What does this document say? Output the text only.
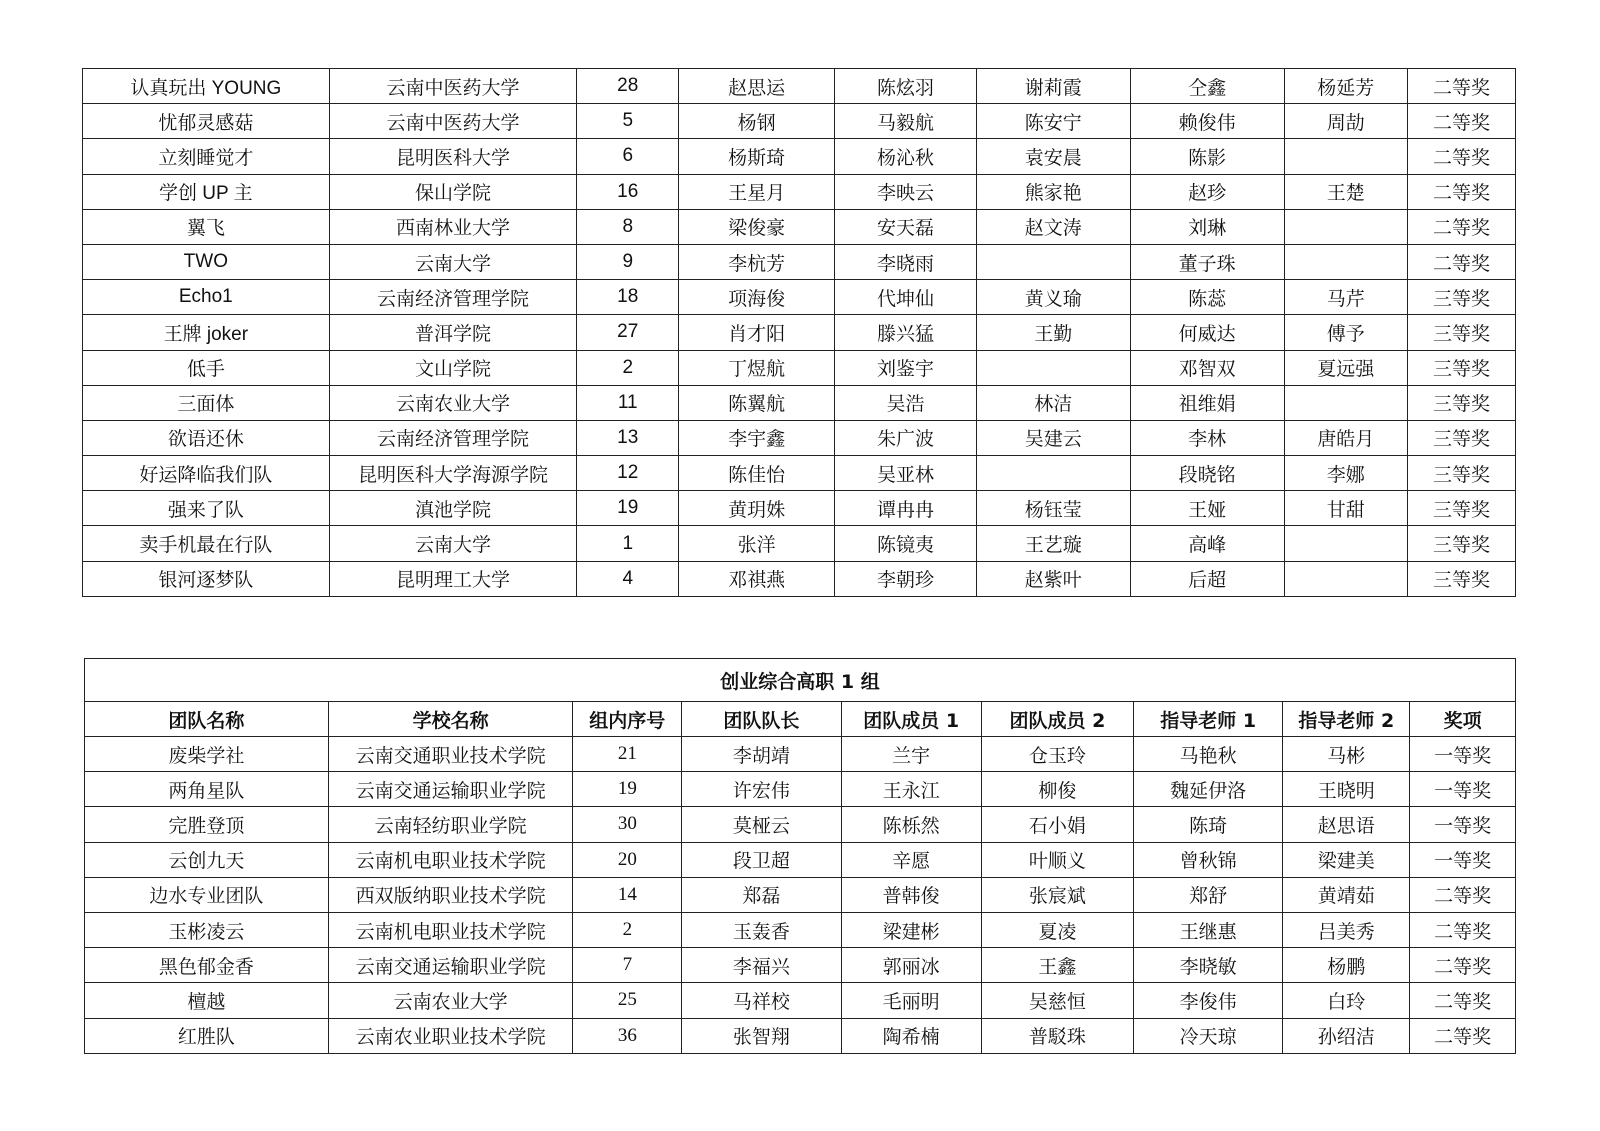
认真玩出 YOUNG	云南中医药大学	28	赵思运	陈炫羽	谢莉霞	仝鑫	杨延芳	二等奖
忧郁灵感菇	云南中医药大学	5	杨钢	马毅航	陈安宁	赖俊伟	周劼	二等奖
立刻睡觉才	昆明医科大学	6	杨斯琦	杨沁秋	袁安晨	陈影		二等奖
学创 UP 主	保山学院	16	王星月	李映云	熊家艳	赵珍	王楚	二等奖
翼飞	西南林业大学	8	梁俊豪	安天磊	赵文涛	刘琳		二等奖
TWO	云南大学	9	李杭芳	李晓雨		董子珠		二等奖
Echo1	云南经济管理学院	18	项海俊	代坤仙	黄义瑜	陈蕊	马芹	三等奖
王牌 joker	普洱学院	27	肖才阳	滕兴猛	王勤	何威达	傅予	三等奖
低手	文山学院	2	丁煜航	刘鉴宇		邓智双	夏远强	三等奖
三面体	云南农业大学	11	陈翼航	吴浩	林洁	祖维娟		三等奖
欲语还休	云南经济管理学院	13	李宇鑫	朱广波	吴建云	李林	唐皓月	三等奖
好运降临我们队	昆明医科大学海源学院	12	陈佳怡	吴亚林		段晓铭	李娜	三等奖
强来了队	滇池学院	19	黄玥姝	谭冉冉	杨钰莹	王娅	甘甜	三等奖
卖手机最在行队	云南大学	1	张洋	陈镜夷	王艺璇	高峰		三等奖
银河逐梦队	昆明理工大学	4	邓祺燕	李朝珍	赵紫叶	后超		三等奖
创业综合高职 1 组								
团队名称	学校名称	组内序号	团队队长	团队成员 1	团队成员 2	指导老师 1	指导老师 2	奖项
废柴学社	云南交通职业技术学院	21	李胡靖	兰宇	仓玉玲	马艳秋	马彬	一等奖
两角星队	云南交通运输职业学院	19	许宏伟	王永江	柳俊	魏延伊洛	王晓明	一等奖
完胜登顶	云南轻纺职业学院	30	莫桠云	陈栎然	石小娟	陈琦	赵思语	一等奖
云创九天	云南机电职业技术学院	20	段卫超	辛愿	叶顺义	曾秋锦	梁建美	一等奖
边水专业团队	西双版纳职业技术学院	14	郑磊	普韩俊	张宸斌	郑舒	黄靖茹	二等奖
玉彬凌云	云南机电职业技术学院	2	玉轰香	梁建彬	夏凌	王继惠	吕美秀	二等奖
黑色郁金香	云南交通运输职业学院	7	李福兴	郭丽冰	王鑫	李晓敏	杨鹏	二等奖
檀越	云南农业大学	25	马祥校	毛丽明	吴慈恒	李俊伟	白玲	二等奖
红胜队	云南农业职业技术学院	36	张智翔	陶希楠	普駁珠	冷天琼	孙绍洁	二等奖
